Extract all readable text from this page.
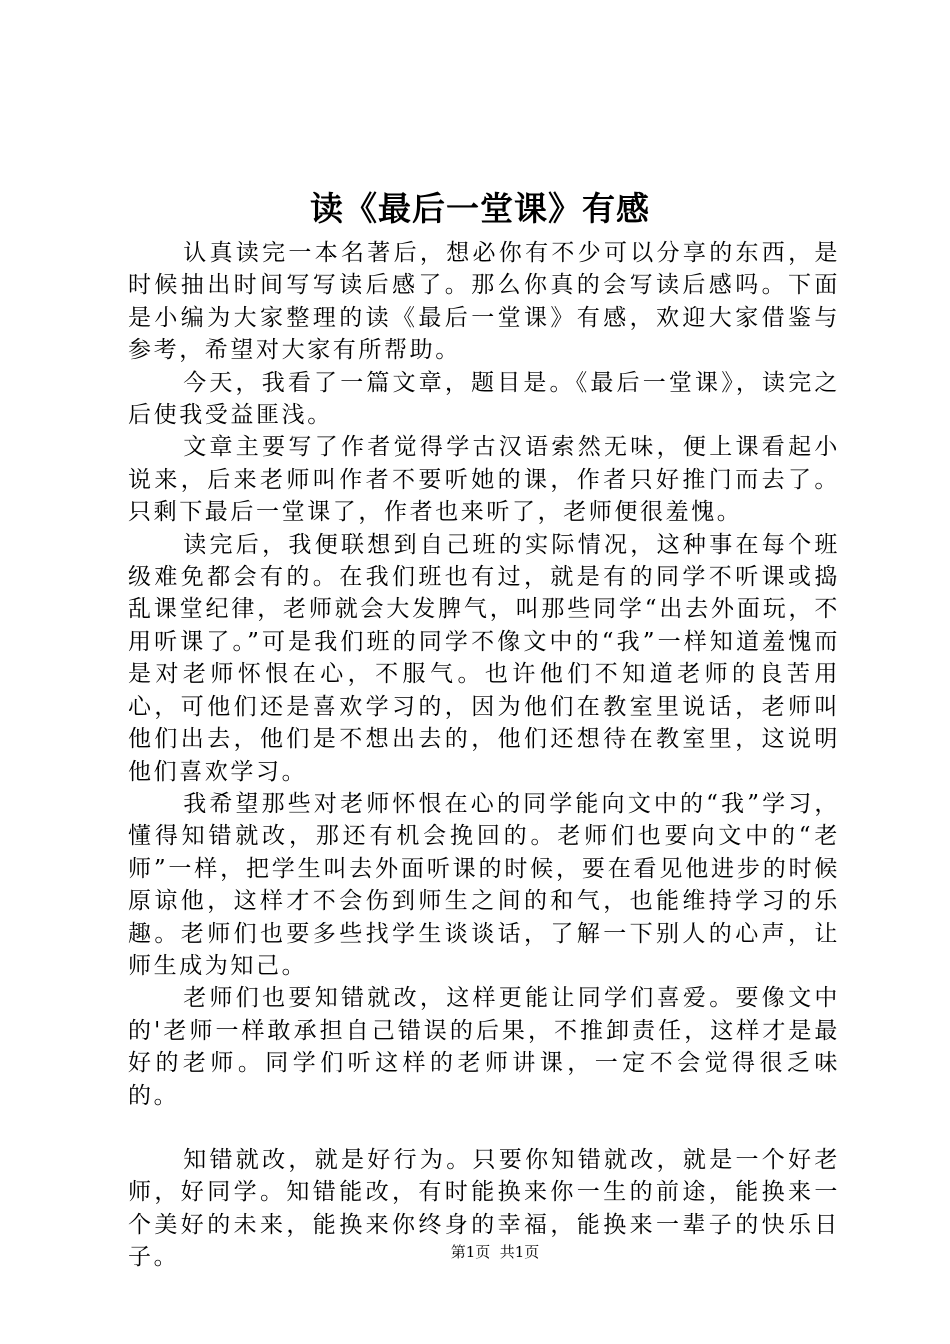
读《最后一堂课》有感

认真读完一本名著后，想必你有不少可以分享的东西，是时候抽出时间写写读后感了。那么你真的会写读后感吗。下面是小编为大家整理的读《最后一堂课》有感，欢迎大家借鉴与参考，希望对大家有所帮助。

今天，我看了一篇文章，题目是。《最后一堂课》，读完之后使我受益匪浅。

文章主要写了作者觉得学古汉语索然无味，便上课看起小说来，后来老师叫作者不要听她的课，作者只好推门而去了。只剩下最后一堂课了，作者也来听了，老师便很羞愧。

读完后，我便联想到自己班的实际情况，这种事在每个班级难免都会有的。在我们班也有过，就是有的同学不听课或捣乱课堂纪律，老师就会大发脾气，叫那些同学“出去外面玩，不用听课了。”可是我们班的同学不像文中的“我”一样知道羞愧而是对老师怀恨在心，不服气。也许他们不知道老师的良苦用心，可他们还是喜欢学习的，因为他们在教室里说话，老师叫他们出去，他们是不想出去的，他们还想待在教室里，这说明他们喜欢学习。

我希望那些对老师怀恨在心的同学能向文中的“我”学习，懂得知错就改，那还有机会挽回的。老师们也要向文中的“老师”一样，把学生叫去外面听课的时候，要在看见他进步的时候原谅他，这样才不会伤到师生之间的和气，也能维持学习的乐趣。老师们也要多些找学生谈谈话，了解一下别人的心声，让师生成为知己。

老师们也要知错就改，这样更能让同学们喜爱。要像文中的'老师一样敢承担自己错误的后果，不推卸责任，这样才是最好的老师。同学们听这样的老师讲课，一定不会觉得很乏味的。

知错就改，就是好行为。只要你知错就改，就是一个好老师，好同学。知错能改，有时能换来你一生的前途，能换来一个美好的未来，能换来你终身的幸福，能换来一辈子的快乐日子。	第1页  共1页
